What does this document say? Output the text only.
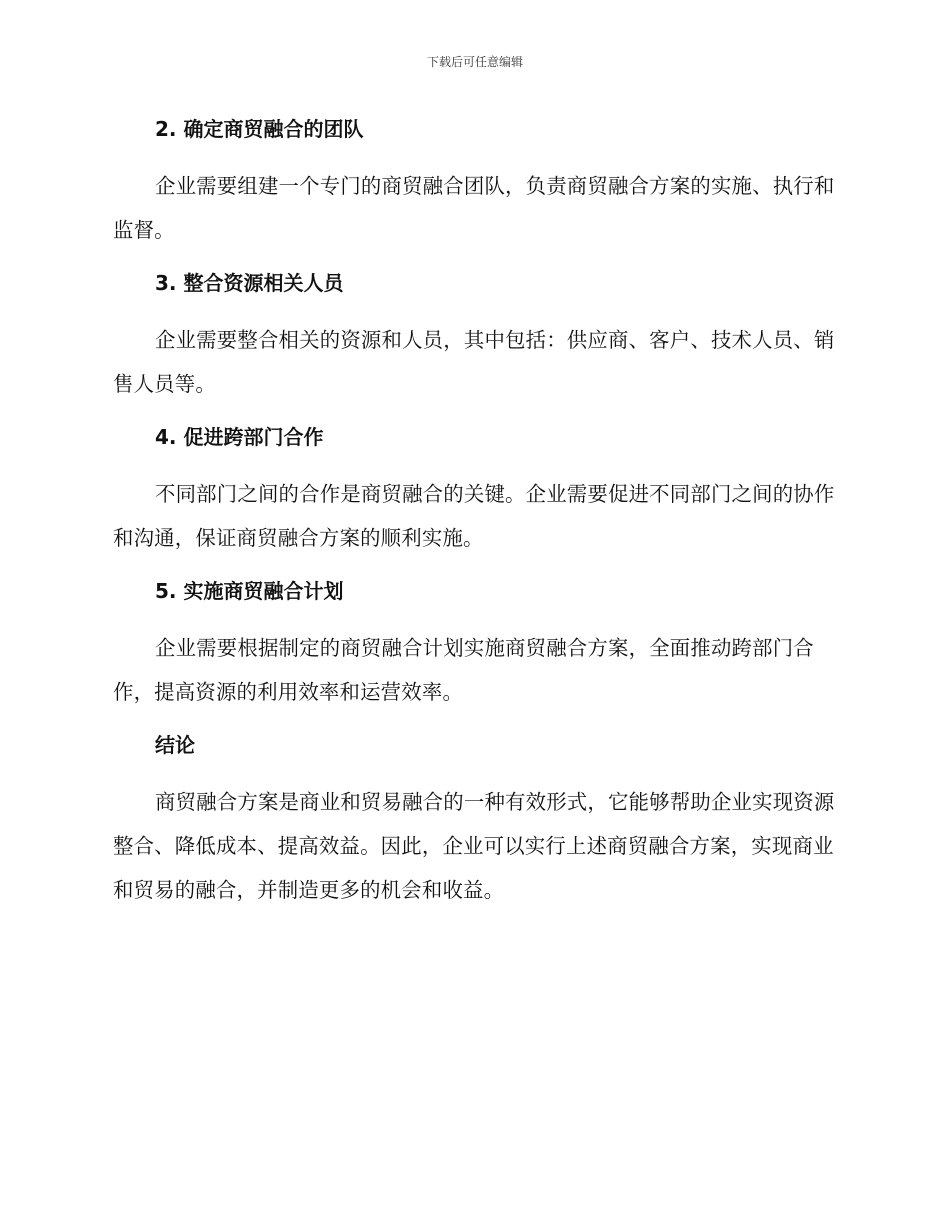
下载后可任意编辑
2. 确定商贸融合的团队

企业需要组建一个专门的商贸融合团队，负责商贸融合方案的实施、执行和监督。

3. 整合资源相关人员

企业需要整合相关的资源和人员，其中包括：供应商、客户、技术人员、销售人员等。

4. 促进跨部门合作

不同部门之间的合作是商贸融合的关键。企业需要促进不同部门之间的协作和沟通，保证商贸融合方案的顺利实施。

5. 实施商贸融合计划

企业需要根据制定的商贸融合计划实施商贸融合方案，全面推动跨部门合作，提高资源的利用效率和运营效率。

结论

商贸融合方案是商业和贸易融合的一种有效形式，它能够帮助企业实现资源整合、降低成本、提高效益。因此，企业可以实行上述商贸融合方案，实现商业和贸易的融合，并制造更多的机会和收益。
